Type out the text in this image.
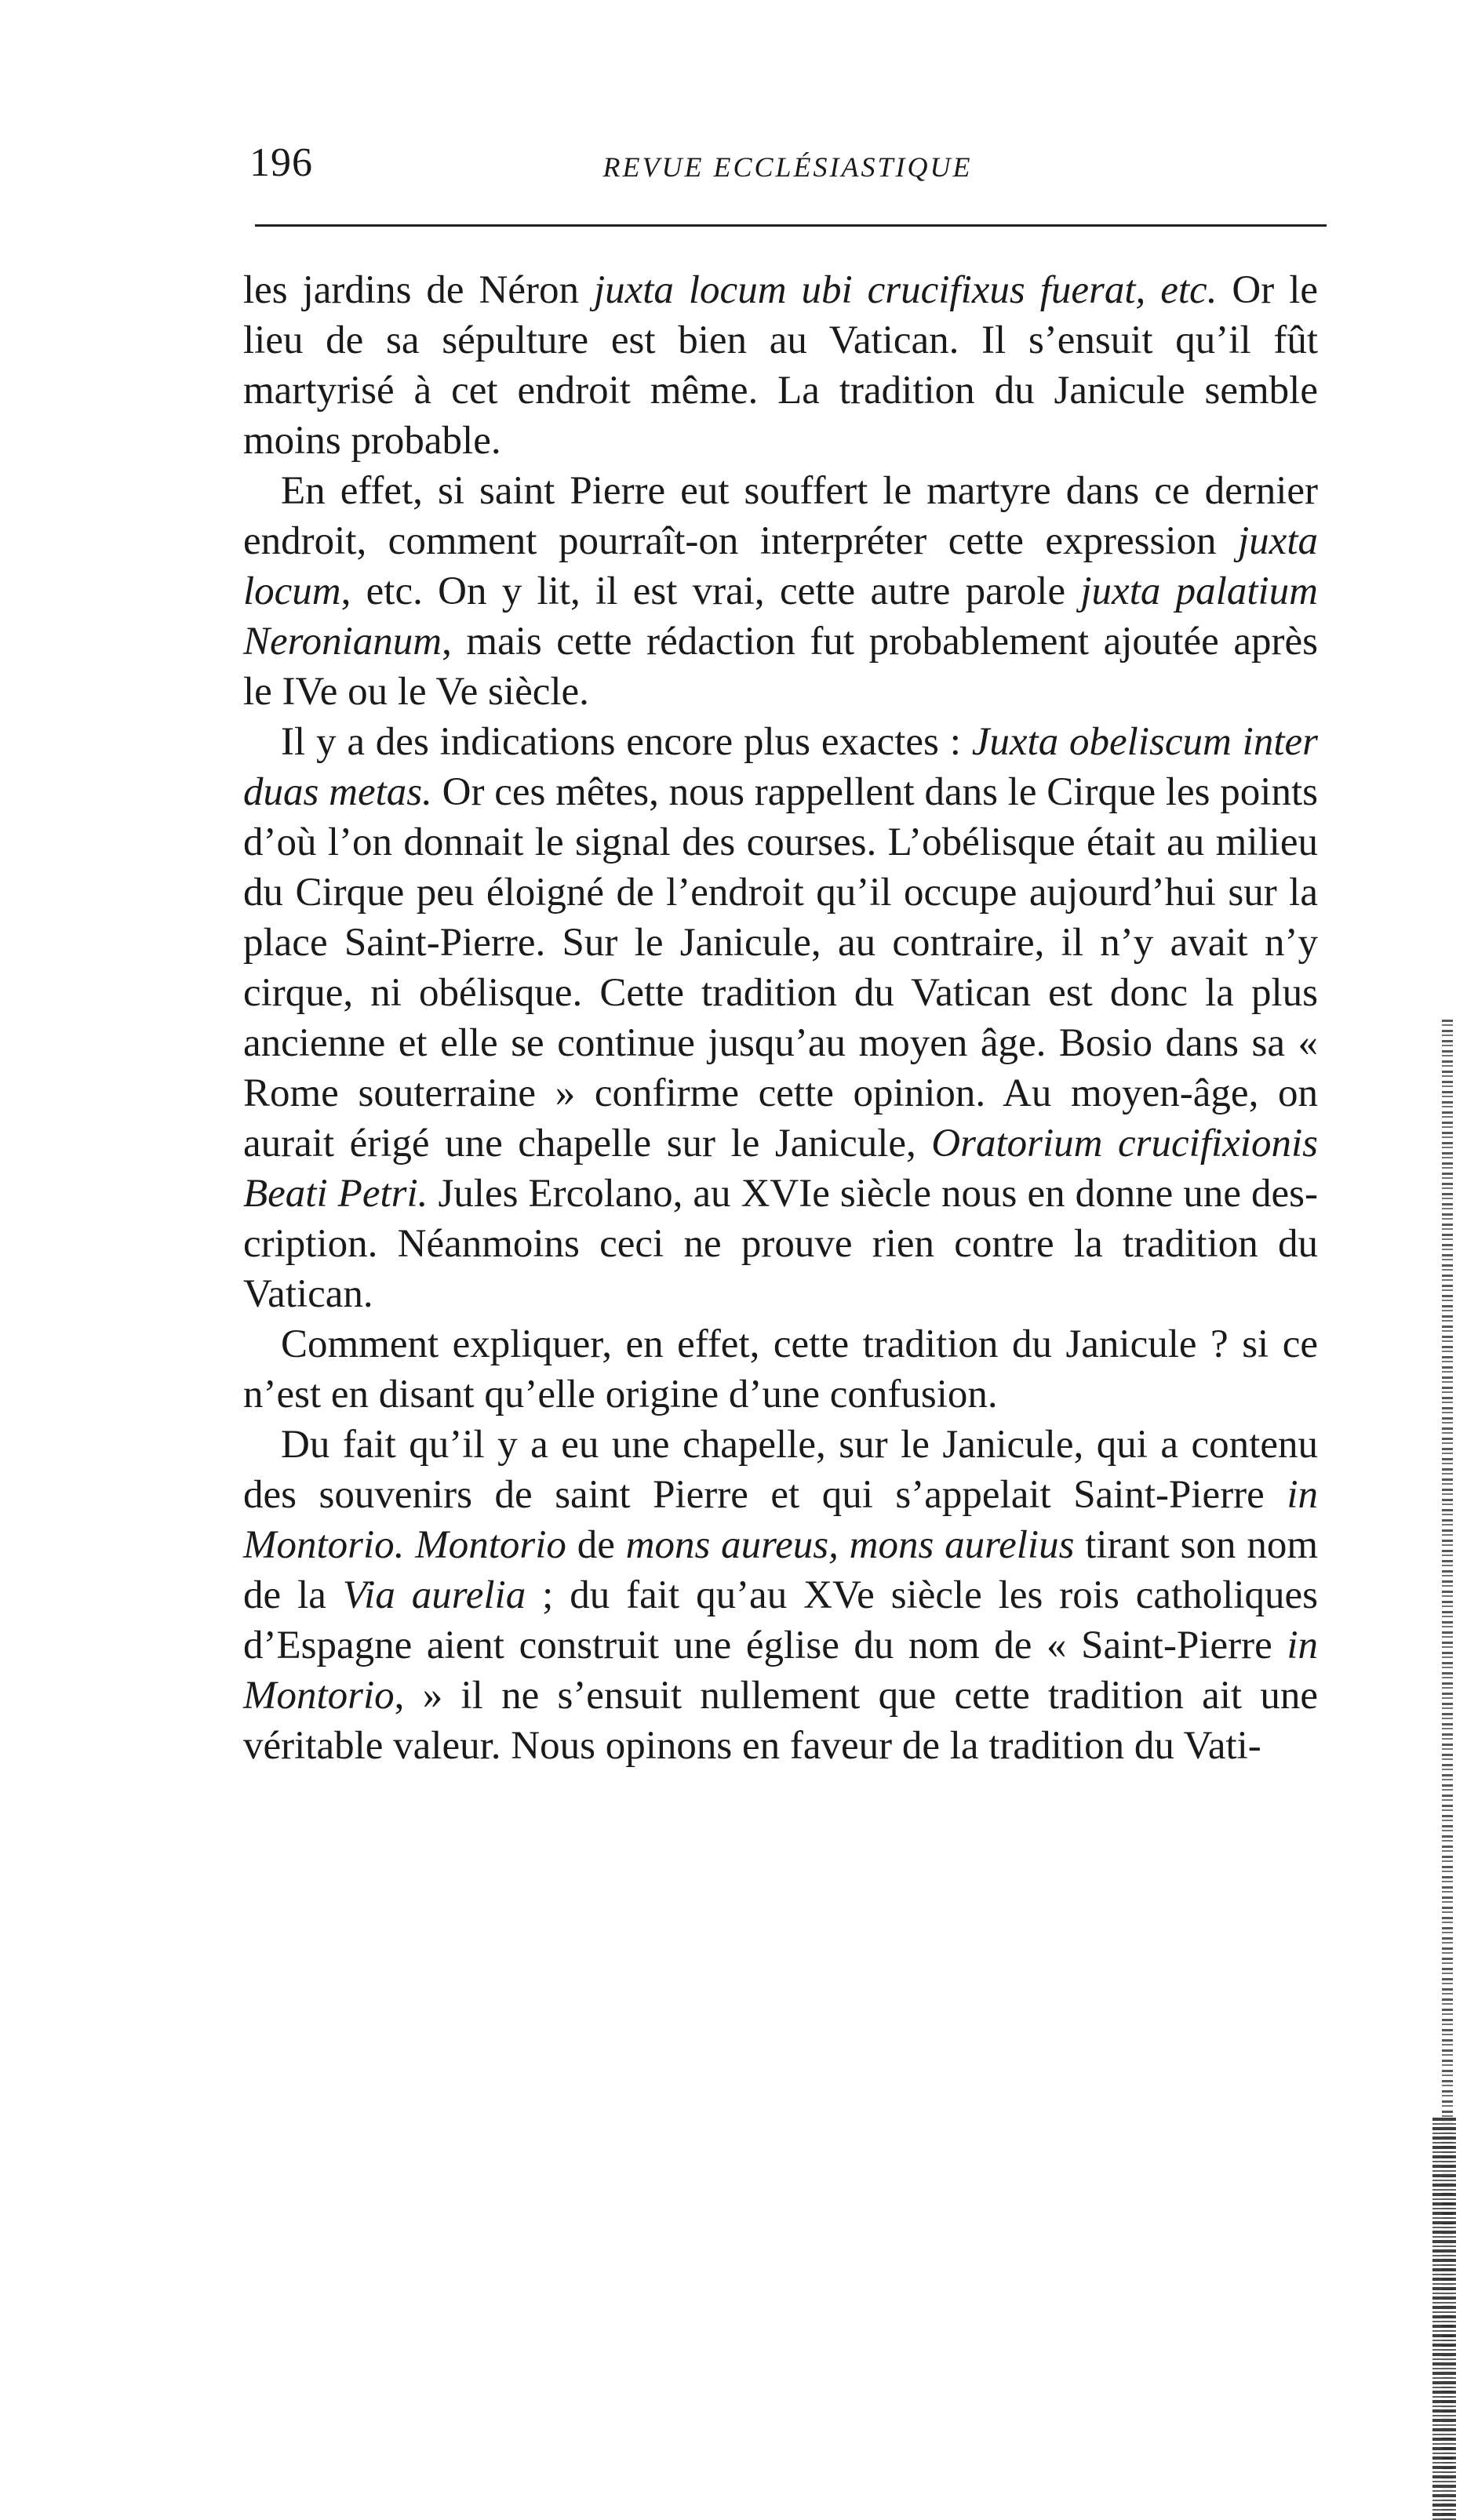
196	REVUE ECCLÉSIASTIQUE

les jardins de Néron juxta locum ubi crucifixus fuerat, etc. Or le lieu de sa sépulture est bien au Vatican. Il s’ensuit qu’il fût martyrisé à cet endroit même. La tradition du Janicule semble moins probable.

En effet, si saint Pierre eut souffert le martyre dans ce dernier endroit, comment pourraît-on interpréter cette expression juxta locum, etc. On y lit, il est vrai, cette autre parole juxta palatium Neronianum, mais cette rédaction fut probablement ajoutée après le IVe ou le Ve siècle.

Il y a des indications encore plus exactes : Juxta obeliscum inter duas metas. Or ces mêtes, nous rappellent dans le Cirque les points d’où l’on donnait le signal des courses. L’obélisque était au milieu du Cirque peu éloigné de l’endroit qu’il occupe aujourd’hui sur la place Saint-Pierre. Sur le Janicule, au contraire, il n’y avait n’y cirque, ni obélisque. Cette tradition du Vatican est donc la plus ancienne et elle se continue jusqu’au moyen âge. Bosio dans sa « Rome souterraine » confirme cette opinion. Au moyen-âge, on aurait érigé une chapelle sur le Janicule, Oratorium crucifixionis Beati Petri. Jules Ercolano, au XVIe siècle nous en donne une description. Néanmoins ceci ne prouve rien contre la tradition du Vatican.

Comment expliquer, en effet, cette tradition du Janicule ? si ce n’est en disant qu’elle origine d’une confusion.

Du fait qu’il y a eu une chapelle, sur le Janicule, qui a contenu des souvenirs de saint Pierre et qui s’appelait Saint-Pierre in Montorio. Montorio de mons aureus, mons aurelius tirant son nom de la Via aurelia ; du fait qu’au XVe siècle les rois catholiques d’Espagne aient construit une église du nom de « Saint-Pierre in Montorio, » il ne s’ensuit nullement que cette tradition ait une véritable valeur. Nous opinons en faveur de la tradition du Vati-
